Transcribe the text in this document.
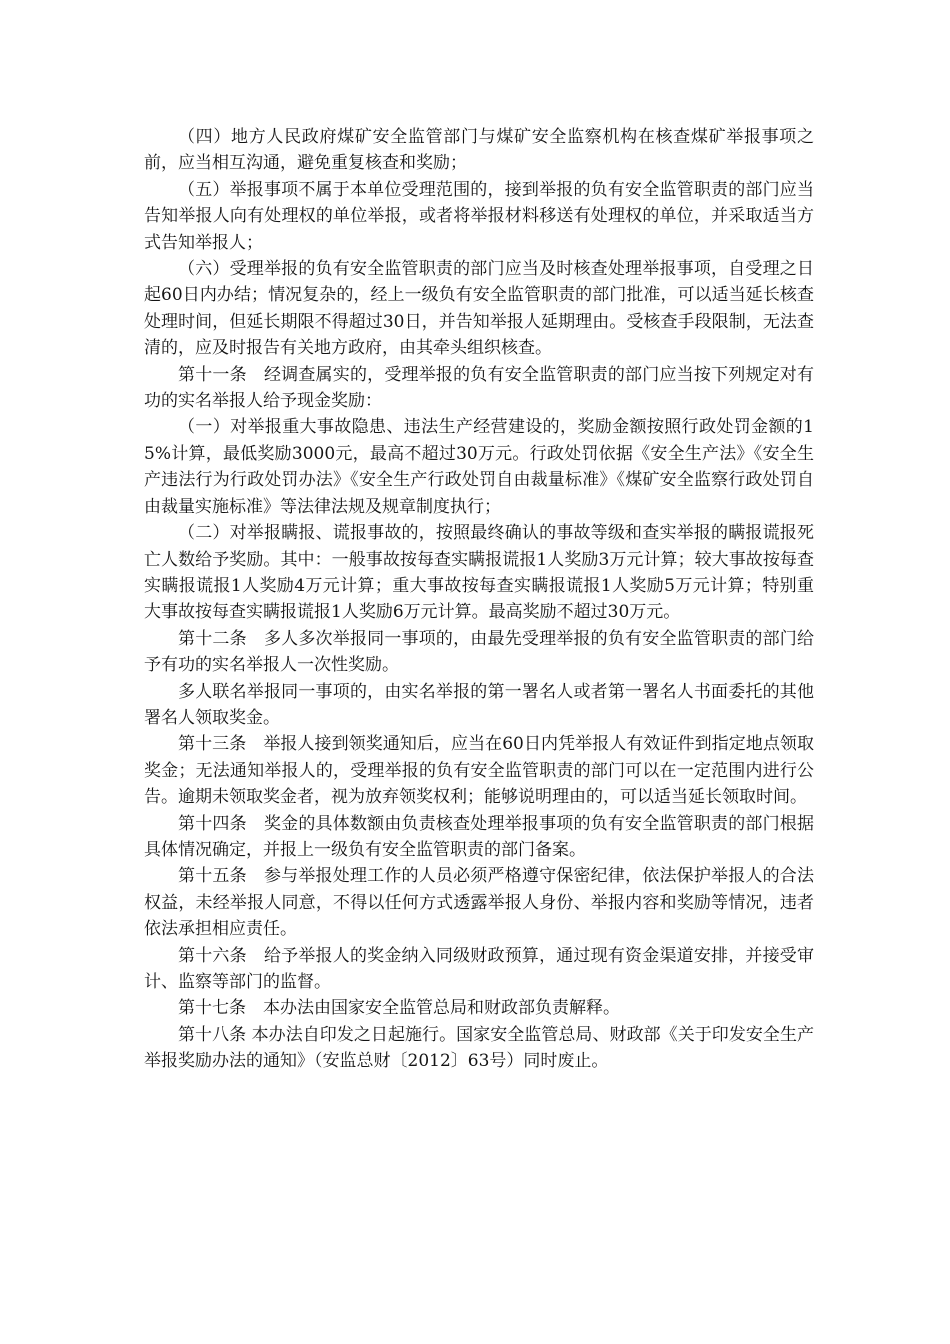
（四）地方人民政府煤矿安全监管部门与煤矿安全监察机构在核查煤矿举报事项之前，应当相互沟通，避免重复核查和奖励；

（五）举报事项不属于本单位受理范围的，接到举报的负有安全监管职责的部门应当告知举报人向有处理权的单位举报，或者将举报材料移送有处理权的单位，并采取适当方式告知举报人；

（六）受理举报的负有安全监管职责的部门应当及时核查处理举报事项，自受理之日起60日内办结；情况复杂的，经上一级负有安全监管职责的部门批准，可以适当延长核查处理时间，但延长期限不得超过30日，并告知举报人延期理由。受核查手段限制，无法查清的，应及时报告有关地方政府，由其牵头组织核查。

第十一条　经调查属实的，受理举报的负有安全监管职责的部门应当按下列规定对有功的实名举报人给予现金奖励：

（一）对举报重大事故隐患、违法生产经营建设的，奖励金额按照行政处罚金额的15%计算，最低奖励3000元，最高不超过30万元。行政处罚依据《安全生产法》《安全生产违法行为行政处罚办法》《安全生产行政处罚自由裁量标准》《煤矿安全监察行政处罚自由裁量实施标准》等法律法规及规章制度执行；

（二）对举报瞒报、谎报事故的，按照最终确认的事故等级和查实举报的瞒报谎报死亡人数给予奖励。其中：一般事故按每查实瞒报谎报1人奖励3万元计算；较大事故按每查实瞒报谎报1人奖励4万元计算；重大事故按每查实瞒报谎报1人奖励5万元计算；特别重大事故按每查实瞒报谎报1人奖励6万元计算。最高奖励不超过30万元。

第十二条　多人多次举报同一事项的，由最先受理举报的负有安全监管职责的部门给予有功的实名举报人一次性奖励。

多人联名举报同一事项的，由实名举报的第一署名人或者第一署名人书面委托的其他署名人领取奖金。

第十三条　举报人接到领奖通知后，应当在60日内凭举报人有效证件到指定地点领取奖金；无法通知举报人的，受理举报的负有安全监管职责的部门可以在一定范围内进行公告。逾期未领取奖金者，视为放弃领奖权利；能够说明理由的，可以适当延长领取时间。

第十四条　奖金的具体数额由负责核查处理举报事项的负有安全监管职责的部门根据具体情况确定，并报上一级负有安全监管职责的部门备案。

第十五条　参与举报处理工作的人员必须严格遵守保密纪律，依法保护举报人的合法权益，未经举报人同意，不得以任何方式透露举报人身份、举报内容和奖励等情况，违者依法承担相应责任。

第十六条　给予举报人的奖金纳入同级财政预算，通过现有资金渠道安排，并接受审计、监察等部门的监督。

第十七条　本办法由国家安全监管总局和财政部负责解释。

第十八条 本办法自印发之日起施行。国家安全监管总局、财政部《关于印发安全生产举报奖励办法的通知》（安监总财〔2012〕63号）同时废止。
